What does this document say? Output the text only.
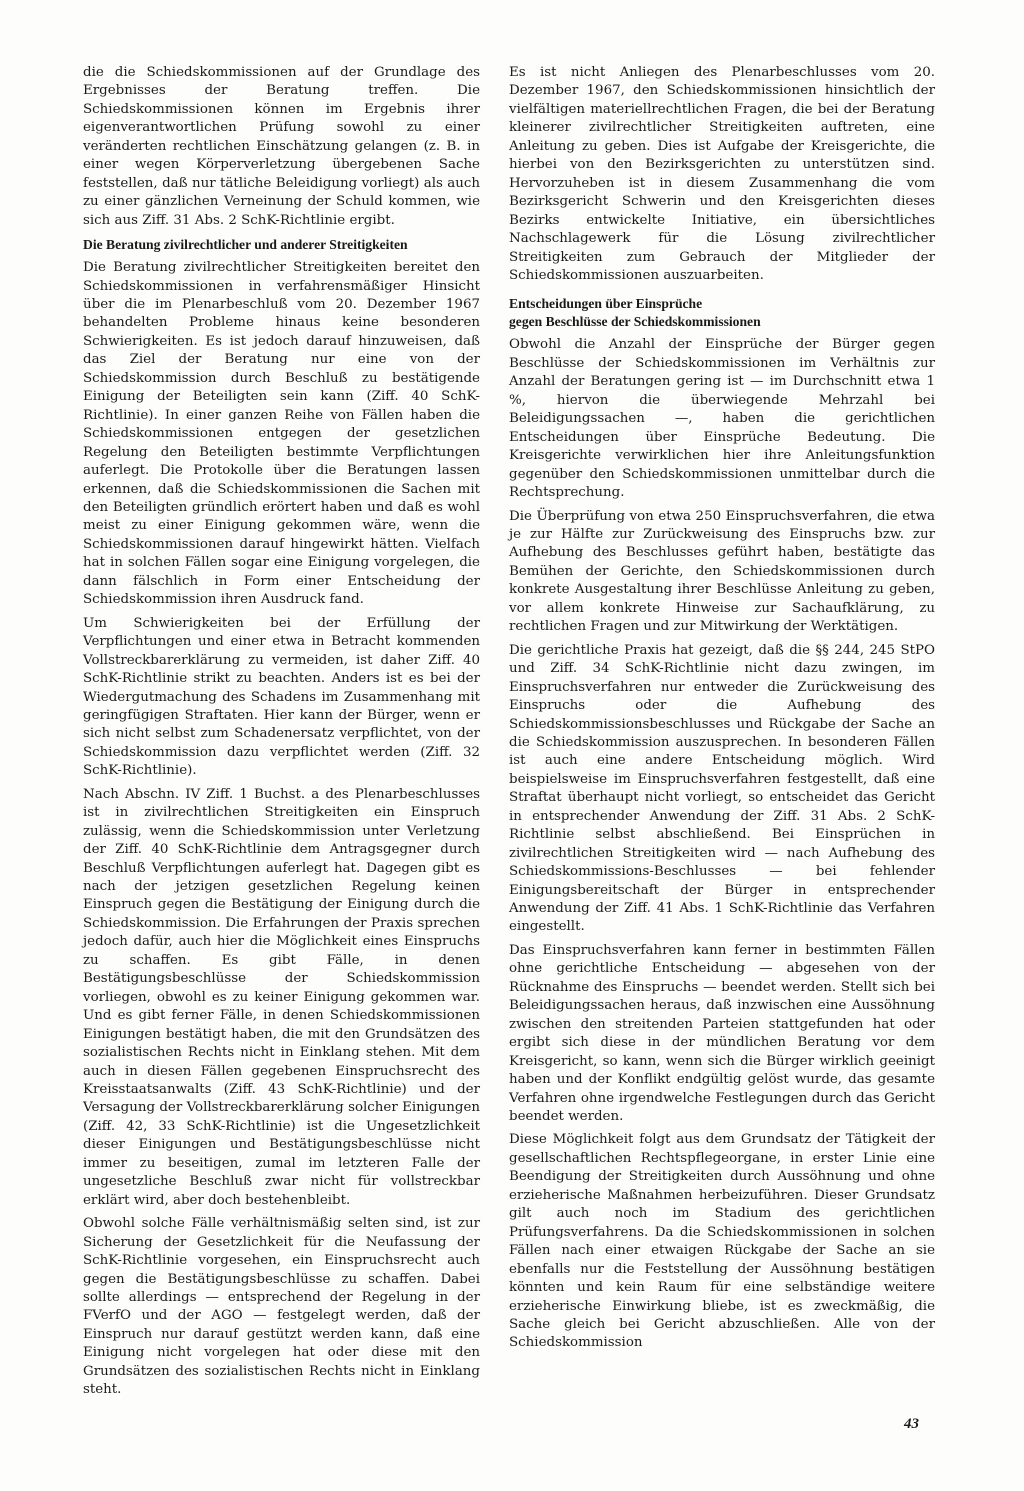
die die Schiedskommissionen auf der Grundlage des Ergebnisses der Beratung treffen. Die Schiedskommissionen können im Ergebnis ihrer eigenverantwortlichen Prüfung sowohl zu einer veränderten rechtlichen Einschätzung gelangen (z. B. in einer wegen Körperverletzung übergebenen Sache feststellen, daß nur tätliche Beleidigung vorliegt) als auch zu einer gänzlichen Verneinung der Schuld kommen, wie sich aus Ziff. 31 Abs. 2 SchK-Richtlinie ergibt.

Die Beratung zivilrechtlicher und anderer Streitigkeiten

Die Beratung zivilrechtlicher Streitigkeiten bereitet den Schiedskommissionen in verfahrensmäßiger Hinsicht über die im Plenarbeschluß vom 20. Dezember 1967 behandelten Probleme hinaus keine besonderen Schwierigkeiten. Es ist jedoch darauf hinzuweisen, daß das Ziel der Beratung nur eine von der Schiedskommission durch Beschluß zu bestätigende Einigung der Beteiligten sein kann (Ziff. 40 SchK-Richtlinie). In einer ganzen Reihe von Fällen haben die Schiedskommissionen entgegen der gesetzlichen Regelung den Beteiligten bestimmte Verpflichtungen auferlegt. Die Protokolle über die Beratungen lassen erkennen, daß die Schiedskommissionen die Sachen mit den Beteiligten gründlich erörtert haben und daß es wohl meist zu einer Einigung gekommen wäre, wenn die Schiedskommissionen darauf hingewirkt hätten. Vielfach hat in solchen Fällen sogar eine Einigung vorgelegen, die dann fälschlich in Form einer Entscheidung der Schiedskommission ihren Ausdruck fand.

Um Schwierigkeiten bei der Erfüllung der Verpflichtungen und einer etwa in Betracht kommenden Vollstreckbarerklärung zu vermeiden, ist daher Ziff. 40 SchK-Richtlinie strikt zu beachten. Anders ist es bei der Wiedergutmachung des Schadens im Zusammenhang mit geringfügigen Straftaten. Hier kann der Bürger, wenn er sich nicht selbst zum Schadenersatz verpflichtet, von der Schiedskommission dazu verpflichtet werden (Ziff. 32 SchK-Richtlinie).

Nach Abschn. IV Ziff. 1 Buchst. a des Plenarbeschlusses ist in zivilrechtlichen Streitigkeiten ein Einspruch zulässig, wenn die Schiedskommission unter Verletzung der Ziff. 40 SchK-Richtlinie dem Antragsgegner durch Beschluß Verpflichtungen auferlegt hat. Dagegen gibt es nach der jetzigen gesetzlichen Regelung keinen Einspruch gegen die Bestätigung der Einigung durch die Schiedskommission. Die Erfahrungen der Praxis sprechen jedoch dafür, auch hier die Möglichkeit eines Einspruchs zu schaffen. Es gibt Fälle, in denen Bestätigungsbeschlüsse der Schiedskommission vorliegen, obwohl es zu keiner Einigung gekommen war. Und es gibt ferner Fälle, in denen Schiedskommissionen Einigungen bestätigt haben, die mit den Grundsätzen des sozialistischen Rechts nicht in Einklang stehen. Mit dem auch in diesen Fällen gegebenen Einspruchsrecht des Kreisstaatsanwalts (Ziff. 43 SchK-Richtlinie) und der Versagung der Vollstreckbarerklärung solcher Einigungen (Ziff. 42, 33 SchK-Richtlinie) ist die Ungesetzlichkeit dieser Einigungen und Bestätigungsbeschlüsse nicht immer zu beseitigen, zumal im letzteren Falle der ungesetzliche Beschluß zwar nicht für vollstreckbar erklärt wird, aber doch bestehenbleibt.

Obwohl solche Fälle verhältnismäßig selten sind, ist zur Sicherung der Gesetzlichkeit für die Neufassung der SchK-Richtlinie vorgesehen, ein Einspruchsrecht auch gegen die Bestätigungsbeschlüsse zu schaffen. Dabei sollte allerdings — entsprechend der Regelung in der FVerfO und der AGO — festgelegt werden, daß der Einspruch nur darauf gestützt werden kann, daß eine Einigung nicht vorgelegen hat oder diese mit den Grundsätzen des sozialistischen Rechts nicht in Einklang steht.

Es ist nicht Anliegen des Plenarbeschlusses vom 20. Dezember 1967, den Schiedskommissionen hinsichtlich der vielfältigen materiellrechtlichen Fragen, die bei der Beratung kleinerer zivilrechtlicher Streitigkeiten auftreten, eine Anleitung zu geben. Dies ist Aufgabe der Kreisgerichte, die hierbei von den Bezirksgerichten zu unterstützen sind. Hervorzuheben ist in diesem Zusammenhang die vom Bezirksgericht Schwerin und den Kreisgerichten dieses Bezirks entwickelte Initiative, ein übersichtliches Nachschlagewerk für die Lösung zivilrechtlicher Streitigkeiten zum Gebrauch der Mitglieder der Schiedskommissionen auszuarbeiten.

Entscheidungen über Einsprüche
gegen Beschlüsse der Schiedskommissionen

Obwohl die Anzahl der Einsprüche der Bürger gegen Beschlüsse der Schiedskommissionen im Verhältnis zur Anzahl der Beratungen gering ist — im Durchschnitt etwa 1 %, hiervon die überwiegende Mehrzahl bei Beleidigungssachen —, haben die gerichtlichen Entscheidungen über Einsprüche Bedeutung. Die Kreisgerichte verwirklichen hier ihre Anleitungsfunktion gegenüber den Schiedskommissionen unmittelbar durch die Rechtsprechung.

Die Überprüfung von etwa 250 Einspruchsverfahren, die etwa je zur Hälfte zur Zurückweisung des Einspruchs bzw. zur Aufhebung des Beschlusses geführt haben, bestätigte das Bemühen der Gerichte, den Schiedskommissionen durch konkrete Ausgestaltung ihrer Beschlüsse Anleitung zu geben, vor allem konkrete Hinweise zur Sachaufklärung, zu rechtlichen Fragen und zur Mitwirkung der Werktätigen.

Die gerichtliche Praxis hat gezeigt, daß die §§ 244, 245 StPO und Ziff. 34 SchK-Richtlinie nicht dazu zwingen, im Einspruchsverfahren nur entweder die Zurückweisung des Einspruchs oder die Aufhebung des Schiedskommissionsbeschlusses und Rückgabe der Sache an die Schiedskommission auszusprechen. In besonderen Fällen ist auch eine andere Entscheidung möglich. Wird beispielsweise im Einspruchsverfahren festgestellt, daß eine Straftat überhaupt nicht vorliegt, so entscheidet das Gericht in entsprechender Anwendung der Ziff. 31 Abs. 2 SchK-Richtlinie selbst abschließend. Bei Einsprüchen in zivilrechtlichen Streitigkeiten wird — nach Aufhebung des Schiedskommissions-Beschlusses — bei fehlender Einigungsbereitschaft der Bürger in entsprechender Anwendung der Ziff. 41 Abs. 1 SchK-Richtlinie das Verfahren eingestellt.

Das Einspruchsverfahren kann ferner in bestimmten Fällen ohne gerichtliche Entscheidung — abgesehen von der Rücknahme des Einspruchs — beendet werden. Stellt sich bei Beleidigungssachen heraus, daß inzwischen eine Aussöhnung zwischen den streitenden Parteien stattgefunden hat oder ergibt sich diese in der mündlichen Beratung vor dem Kreisgericht, so kann, wenn sich die Bürger wirklich geeinigt haben und der Konflikt endgültig gelöst wurde, das gesamte Verfahren ohne irgendwelche Festlegungen durch das Gericht beendet werden.

Diese Möglichkeit folgt aus dem Grundsatz der Tätigkeit der gesellschaftlichen Rechtspflegeorgane, in erster Linie eine Beendigung der Streitigkeiten durch Aussöhnung und ohne erzieherische Maßnahmen herbeizuführen. Dieser Grundsatz gilt auch noch im Stadium des gerichtlichen Prüfungsverfahrens. Da die Schiedskommissionen in solchen Fällen nach einer etwaigen Rückgabe der Sache an sie ebenfalls nur die Feststellung der Aussöhnung bestätigen könnten und kein Raum für eine selbständige weitere erzieherische Einwirkung bliebe, ist es zweckmäßig, die Sache gleich bei Gericht abzuschließen. Alle von der Schiedskommission

43
